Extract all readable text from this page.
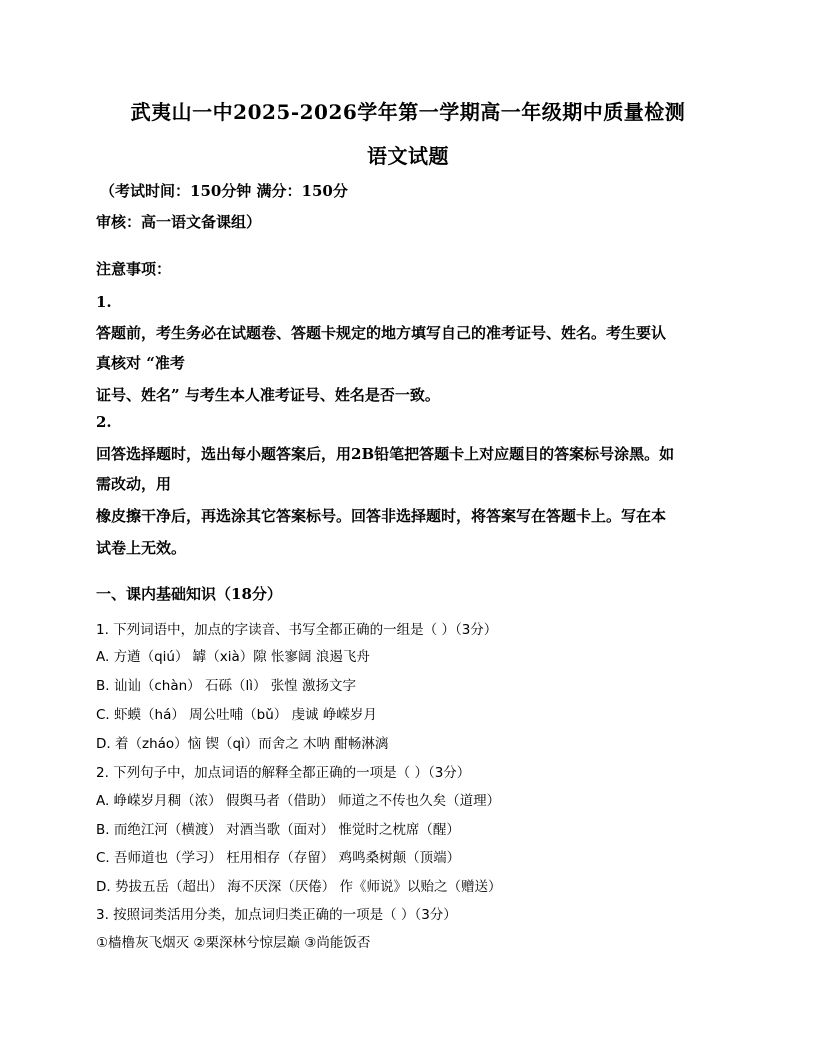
武夷山一中2025-2026学年第一学期高一年级期中质量检测
语文试题
（考试时间：150分钟 满分：150分
审核：高一语文备课组）
注意事项：
1.
答题前，考生务必在试题卷、答题卡规定的地方填写自己的准考证号、姓名。考生要认
真核对 “准考
证号、姓名” 与考生本人准考证号、姓名是否一致。
2.
回答选择题时，选出每小题答案后，用2B铅笔把答题卡上对应题目的答案标号涂黑。如
需改动，用
橡皮擦干净后，再选涂其它答案标号。回答非选择题时，将答案写在答题卡上。写在本
试卷上无效。
一、课内基础知识（18分）
1. 下列词语中，加点的字读音、书写全都正确的一组是（ ）（3分）
A. 方遒（qiú） 罅（xià）隙 怅寥阔 浪遏飞舟
B. 讪讪（chàn） 石砾（lì） 张惶 激扬文字
C. 虾蟆（há） 周公吐哺（bǔ） 虔诚 峥嵘岁月
D. 着（zháo）恼 锲（qì）而舍之 木呐 酣畅淋漓
2. 下列句子中，加点词语的解释全都正确的一项是（ ）（3分）
A. 峥嵘岁月稠（浓） 假舆马者（借助） 师道之不传也久矣（道理）
B. 而绝江河（横渡） 对酒当歌（面对） 惟觉时之枕席（醒）
C. 吾师道也（学习） 枉用相存（存留） 鸡鸣桑树颠（顶端）
D. 势拔五岳（超出） 海不厌深（厌倦） 作《师说》以贻之（赠送）
3. 按照词类活用分类，加点词归类正确的一项是（ ）（3分）
①樯橹灰飞烟灭 ②栗深林兮惊层巅 ③尚能饭否
